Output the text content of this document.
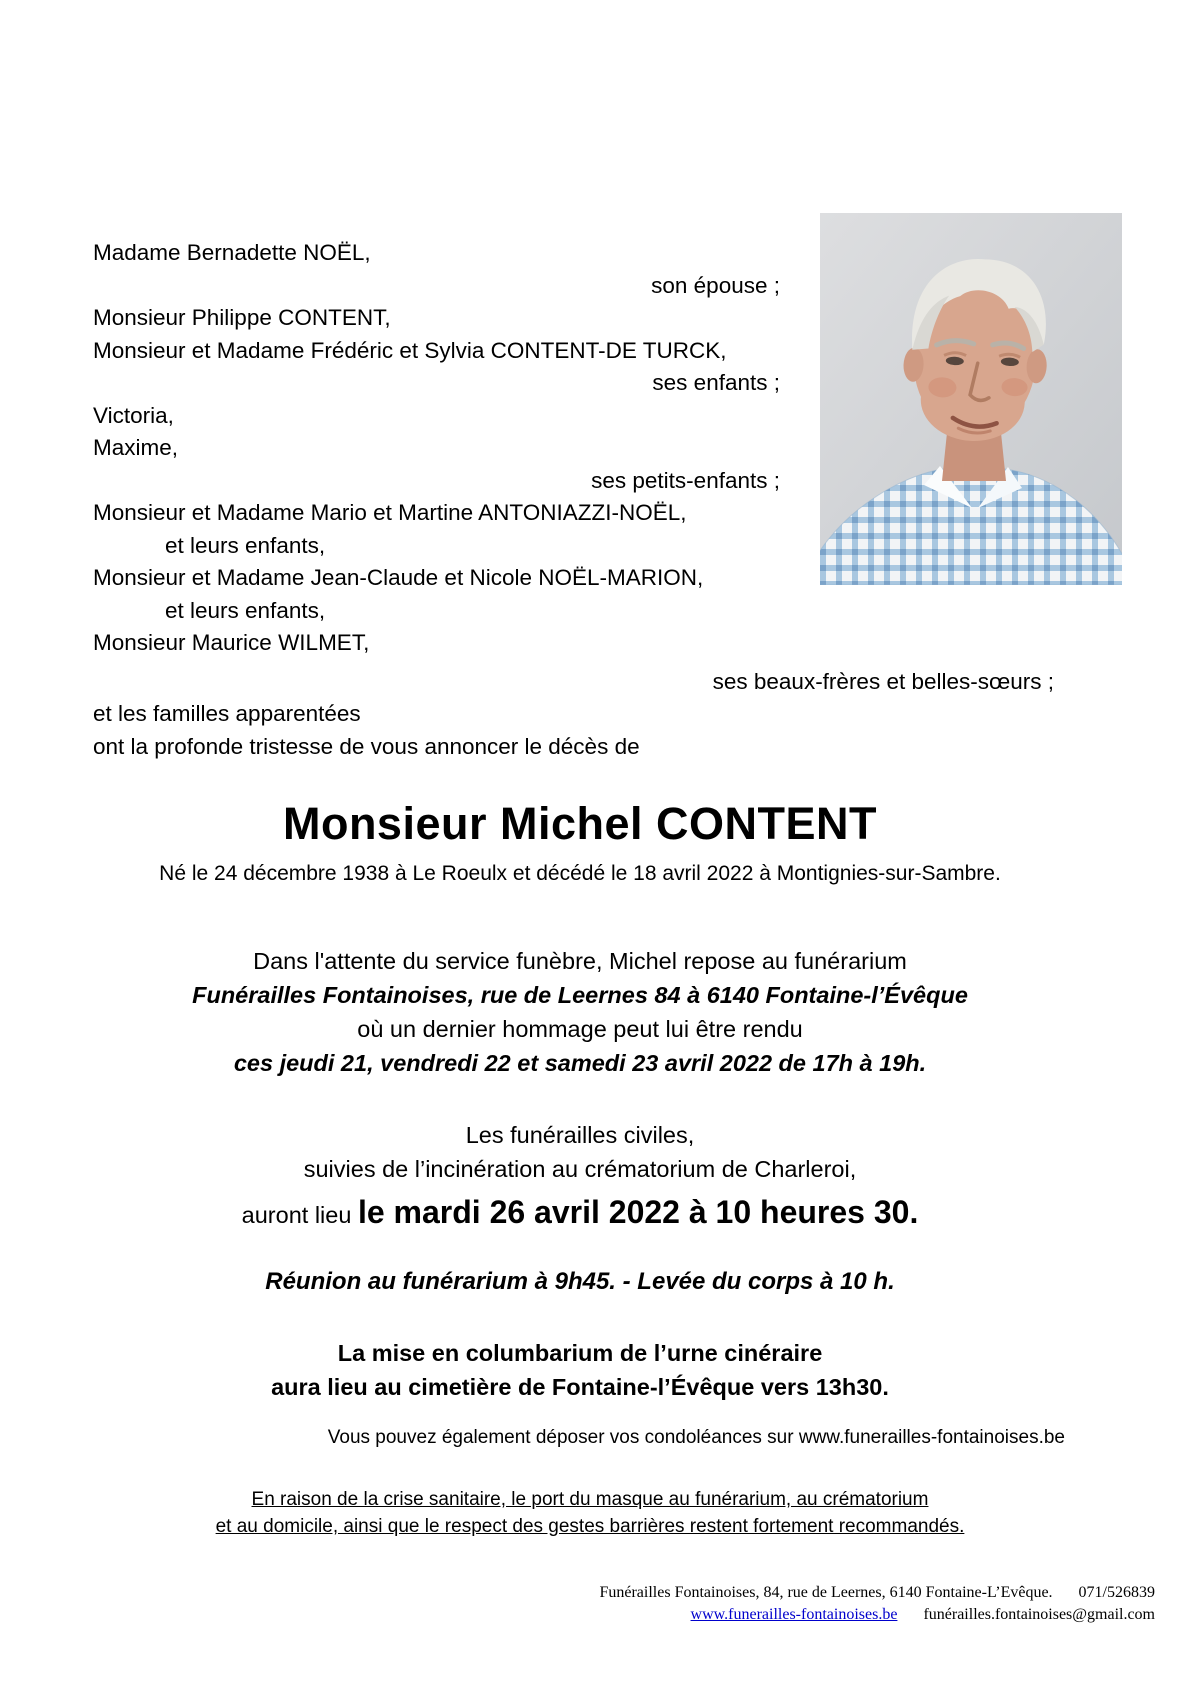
Madame Bernadette NOËL,
son épouse ;
Monsieur Philippe CONTENT,
Monsieur et Madame Frédéric et Sylvia CONTENT-DE TURCK,
ses enfants ;
Victoria,
Maxime,
ses petits-enfants ;
Monsieur et Madame Mario et Martine ANTONIAZZI-NOËL,
et leurs enfants,
Monsieur et Madame Jean-Claude et Nicole NOËL-MARION,
et leurs enfants,
Monsieur Maurice WILMET,
ses beaux-frères et belles-sœurs ;
et les familles apparentées
ont la profonde tristesse de vous annoncer le décès de
Monsieur Michel CONTENT
Né le 24 décembre 1938 à Le Roeulx et décédé le 18 avril 2022 à Montignies-sur-Sambre.
Dans l'attente du service funèbre, Michel repose au funérarium
Funérailles Fontainoises, rue de Leernes 84 à 6140 Fontaine-l’Évêque
où un dernier hommage peut lui être rendu
ces jeudi 21, vendredi 22 et samedi 23 avril 2022 de 17h à 19h.
Les funérailles civiles,
suivies de l’incinération au crématorium de Charleroi,
auront lieu le mardi 26 avril 2022 à 10 heures 30.
Réunion au funérarium à 9h45. - Levée du corps à 10 h.
La mise en columbarium de l’urne cinéraire
aura lieu au cimetière de Fontaine-l’Évêque vers 13h30.
Vous pouvez également déposer vos condoléances sur www.funerailles-fontainoises.be
En raison de la crise sanitaire, le port du masque au funérarium, au crématorium
et au domicile, ainsi que le respect des gestes barrières restent fortement recommandés.
Funérailles Fontainoises, 84, rue de Leernes, 6140 Fontaine-L’Evêque. 071/526839
www.funerailles-fontainoises.be funérailles.fontainoises@gmail.com
